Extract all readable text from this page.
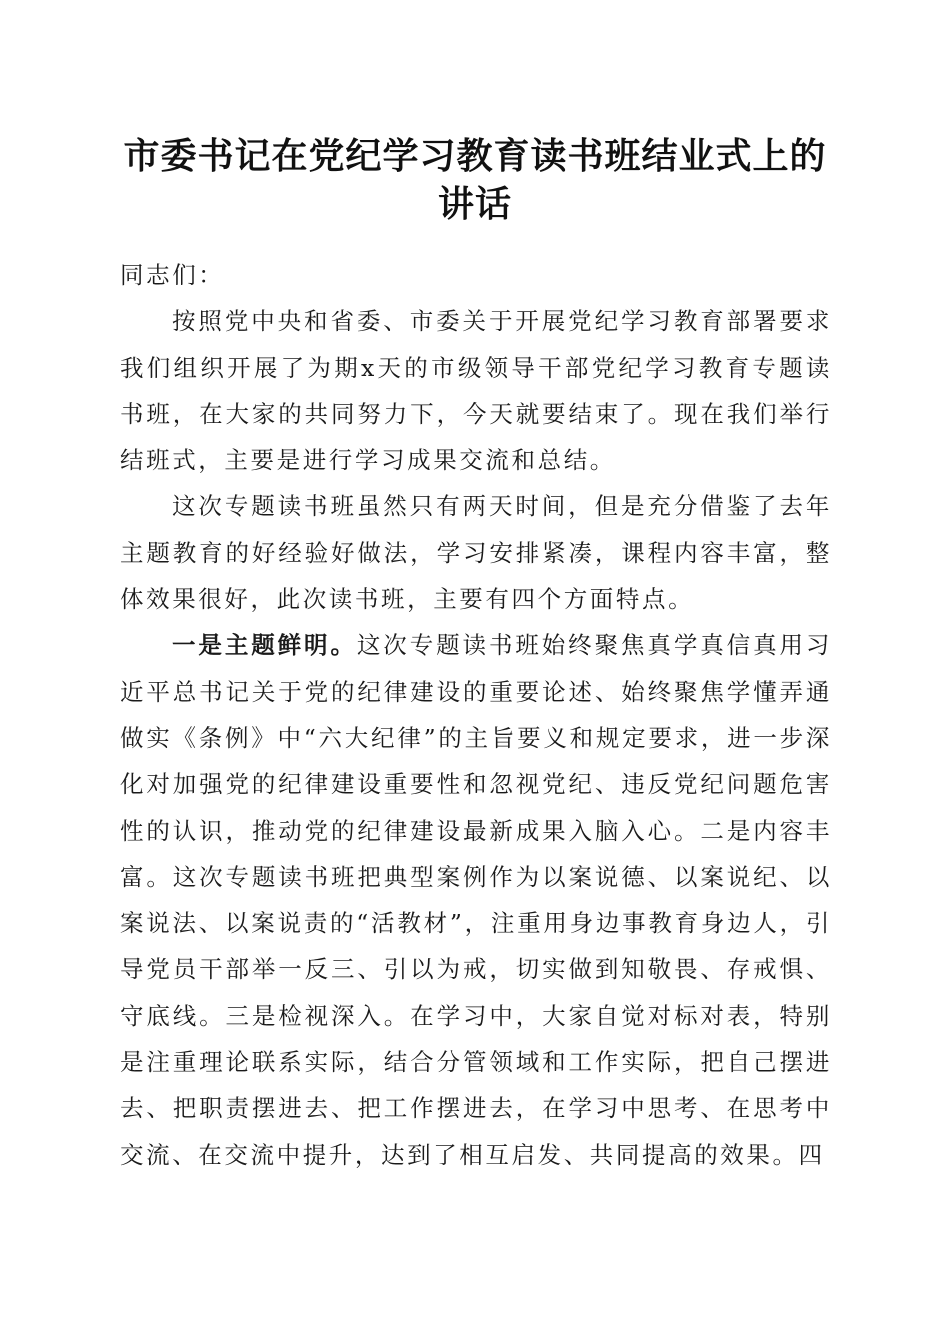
市委书记在党纪学习教育读书班结业式上的讲话

同志们：

按照党中央和省委、市委关于开展党纪学习教育部署要求我们组织开展了为期x天的市级领导干部党纪学习教育专题读书班，在大家的共同努力下，今天就要结束了。现在我们举行结班式，主要是进行学习成果交流和总结。

这次专题读书班虽然只有两天时间，但是充分借鉴了去年主题教育的好经验好做法，学习安排紧凑，课程内容丰富，整体效果很好，此次读书班，主要有四个方面特点。

一是主题鲜明。这次专题读书班始终聚焦真学真信真用习近平总书记关于党的纪律建设的重要论述、始终聚焦学懂弄通做实《条例》中“六大纪律”的主旨要义和规定要求，进一步深化对加强党的纪律建设重要性和忽视党纪、违反党纪问题危害性的认识，推动党的纪律建设最新成果入脑入心。二是内容丰富。这次专题读书班把典型案例作为以案说德、以案说纪、以案说法、以案说责的“活教材”，注重用身边事教育身边人，引导党员干部举一反三、引以为戒，切实做到知敬畏、存戒惧、守底线。三是检视深入。在学习中，大家自觉对标对表，特别是注重理论联系实际，结合分管领域和工作实际，把自己摆进去、把职责摆进去、把工作摆进去，在学习中思考、在思考中交流、在交流中提升，达到了相互启发、共同提高的效果。四
